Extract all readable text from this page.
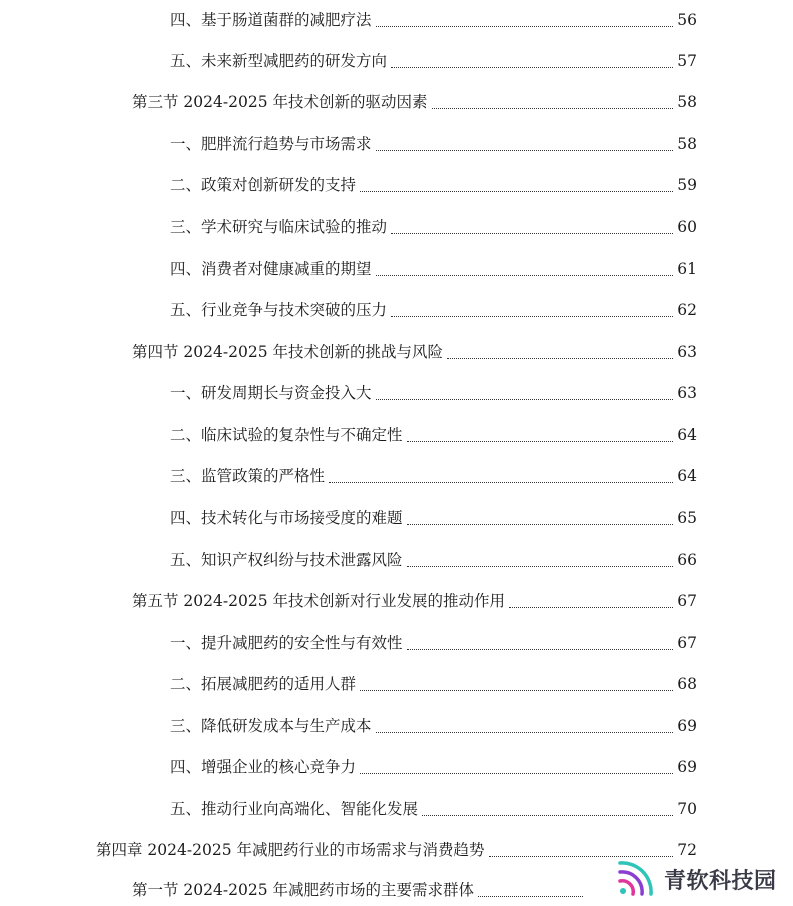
四、基于肠道菌群的减肥疗法	56
五、未来新型减肥药的研发方向	57
第三节 2024-2025 年技术创新的驱动因素	58
一、肥胖流行趋势与市场需求	58
二、政策对创新研发的支持	59
三、学术研究与临床试验的推动	60
四、消费者对健康减重的期望	61
五、行业竞争与技术突破的压力	62
第四节 2024-2025 年技术创新的挑战与风险	63
一、研发周期长与资金投入大	63
二、临床试验的复杂性与不确定性	64
三、监管政策的严格性	64
四、技术转化与市场接受度的难题	65
五、知识产权纠纷与技术泄露风险	66
第五节 2024-2025 年技术创新对行业发展的推动作用	67
一、提升减肥药的安全性与有效性	67
二、拓展减肥药的适用人群	68
三、降低研发成本与生产成本	69
四、增强企业的核心竞争力	69
五、推动行业向高端化、智能化发展	70
第四章 2024-2025 年减肥药行业的市场需求与消费趋势	72
第一节 2024-2025 年减肥药市场的主要需求群体	青软科技园
